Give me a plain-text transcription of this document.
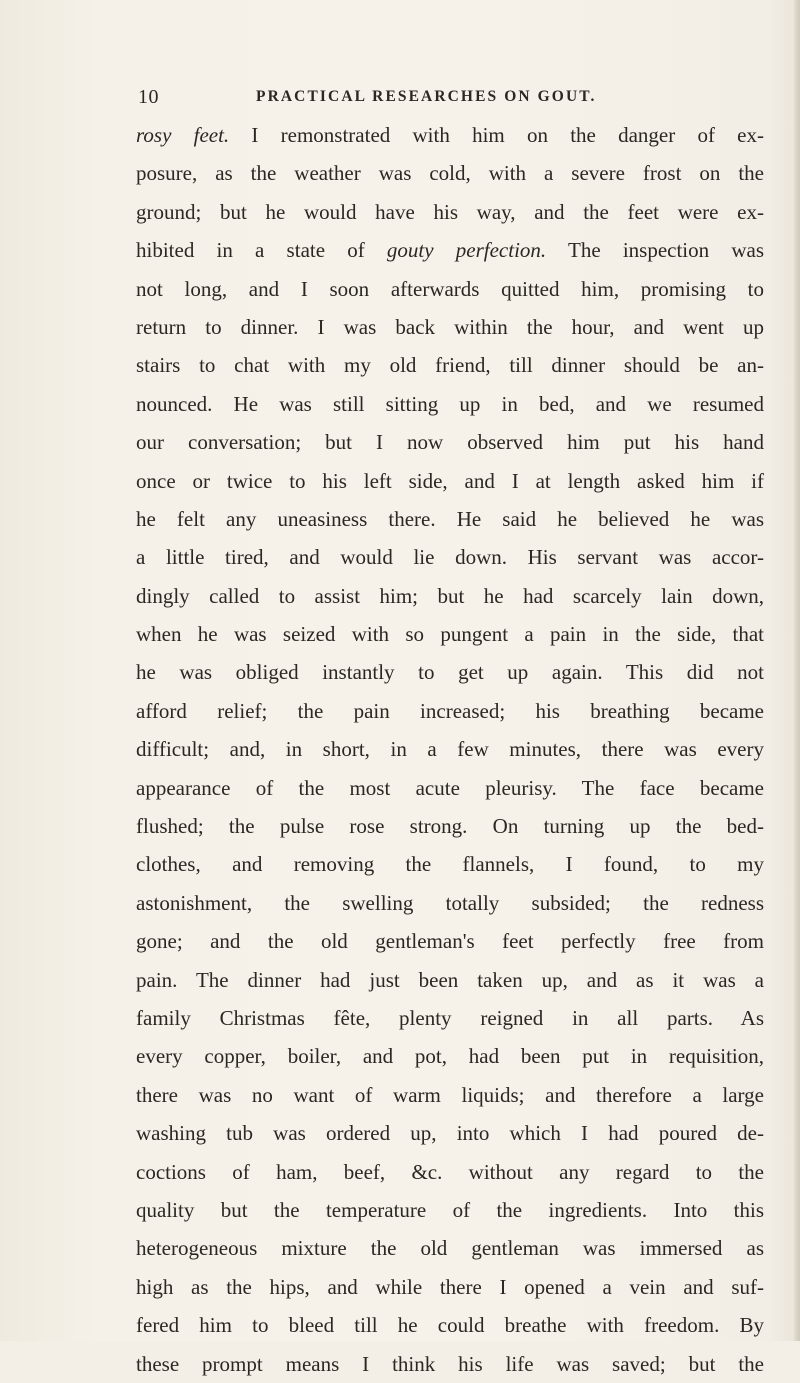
10	PRACTICAL RESEARCHES ON GOUT.
rosy feet. I remonstrated with him on the danger of ex-
posure, as the weather was cold, with a severe frost on the
ground; but he would have his way, and the feet were ex-
hibited in a state of gouty perfection. The inspection was
not long, and I soon afterwards quitted him, promising to
return to dinner. I was back within the hour, and went up
stairs to chat with my old friend, till dinner should be an-
nounced. He was still sitting up in bed, and we resumed
our conversation; but I now observed him put his hand
once or twice to his left side, and I at length asked him if
he felt any uneasiness there. He said he believed he was
a little tired, and would lie down. His servant was accor-
dingly called to assist him; but he had scarcely lain down,
when he was seized with so pungent a pain in the side, that
he was obliged instantly to get up again. This did not
afford relief; the pain increased; his breathing became
difficult; and, in short, in a few minutes, there was every
appearance of the most acute pleurisy. The face became
flushed; the pulse rose strong. On turning up the bed-
clothes, and removing the flannels, I found, to my
astonishment, the swelling totally subsided; the redness
gone; and the old gentleman's feet perfectly free from
pain. The dinner had just been taken up, and as it was a
family Christmas fête, plenty reigned in all parts. As
every copper, boiler, and pot, had been put in requisition,
there was no want of warm liquids; and therefore a large
washing tub was ordered up, into which I had poured de-
coctions of ham, beef, &c. without any regard to the
quality but the temperature of the ingredients. Into this
heterogeneous mixture the old gentleman was immersed as
high as the hips, and while there I opened a vein and suf-
fered him to bleed till he could breathe with freedom. By
these prompt means I think his life was saved; but the
